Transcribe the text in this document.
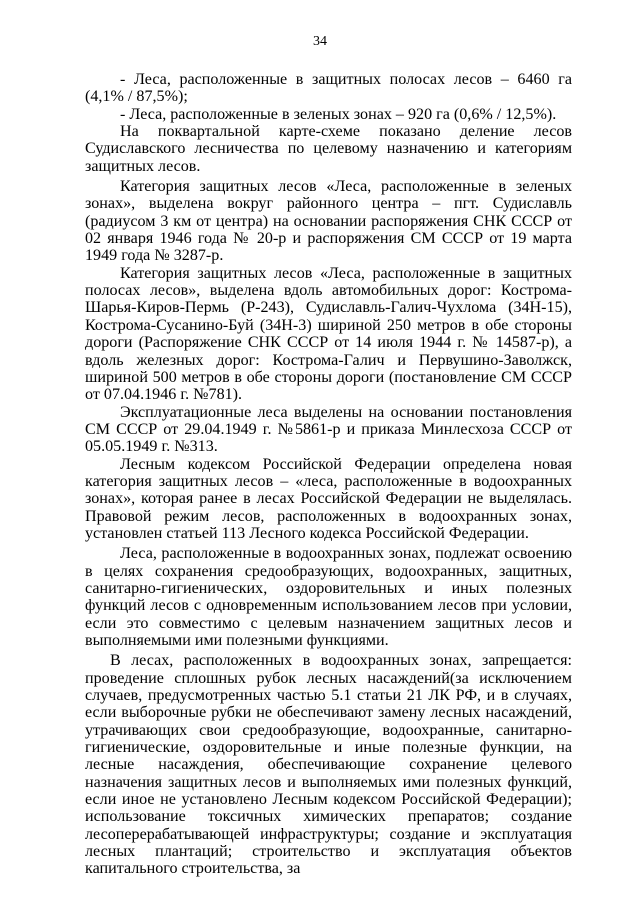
34

- Леса, расположенные в защитных полосах лесов – 6460 га (4,1% / 87,5%);

- Леса, расположенные в зеленых зонах – 920 га (0,6% / 12,5%).

На поквартальной карте-схеме показано деление лесов Судиславского лесничества по целевому назначению и категориям защитных лесов.

Категория защитных лесов «Леса, расположенные в зеленых зонах», выделена вокруг районного центра – пгт. Судиславль (радиусом 3 км от центра) на основании распоряжения СНК СССР от 02 января 1946 года № 20-р и распоряжения СМ СССР от 19 марта 1949 года № 3287-р.

Категория защитных лесов «Леса, расположенные в защитных полосах лесов», выделена вдоль автомобильных дорог: Кострома-Шарья-Киров-Пермь (Р-243), Судиславль-Галич-Чухлома (34Н-15), Кострома-Сусанино-Буй (34Н-3) шириной 250 метров в обе стороны дороги (Распоряжение СНК СССР от 14 июля 1944 г. № 14587-р), а вдоль железных дорог: Кострома-Галич и Первушино-Заволжск, шириной 500 метров в обе стороны дороги (постановление СМ СССР от 07.04.1946 г. №781).

Эксплуатационные леса выделены на основании постановления СМ СССР от 29.04.1949 г. №5861-р и приказа Минлесхоза СССР от 05.05.1949 г. №313.

Лесным кодексом Российской Федерации определена новая категория защитных лесов – «леса, расположенные в водоохранных зонах», которая ранее в лесах Российской Федерации не выделялась. Правовой режим лесов, расположенных в водоохранных зонах, установлен статьей 113 Лесного кодекса Российской Федерации.

Леса, расположенные в водоохранных зонах, подлежат освоению в целях сохранения средообразующих, водоохранных, защитных, санитарно-гигиенических, оздоровительных и иных полезных функций лесов с одновременным использованием лесов при условии, если это совместимо с целевым назначением защитных лесов и выполняемыми ими полезными функциями.

В лесах, расположенных в водоохранных зонах, запрещается: проведение сплошных рубок лесных насаждений(за исключением случаев, предусмотренных частью 5.1 статьи 21 ЛК РФ, и в случаях, если выборочные рубки не обеспечивают замену лесных насаждений, утрачивающих свои средообразующие, водоохранные, санитарно-гигиенические, оздоровительные и иные полезные функции, на лесные насаждения, обеспечивающие сохранение целевого назначения защитных лесов и выполняемых ими полезных функций, если иное не установлено Лесным кодексом Российской Федерации); использование токсичных химических препаратов; создание лесоперерабатывающей инфраструктуры; создание и эксплуатация лесных плантаций; строительство и эксплуатация объектов капитального строительства, за
